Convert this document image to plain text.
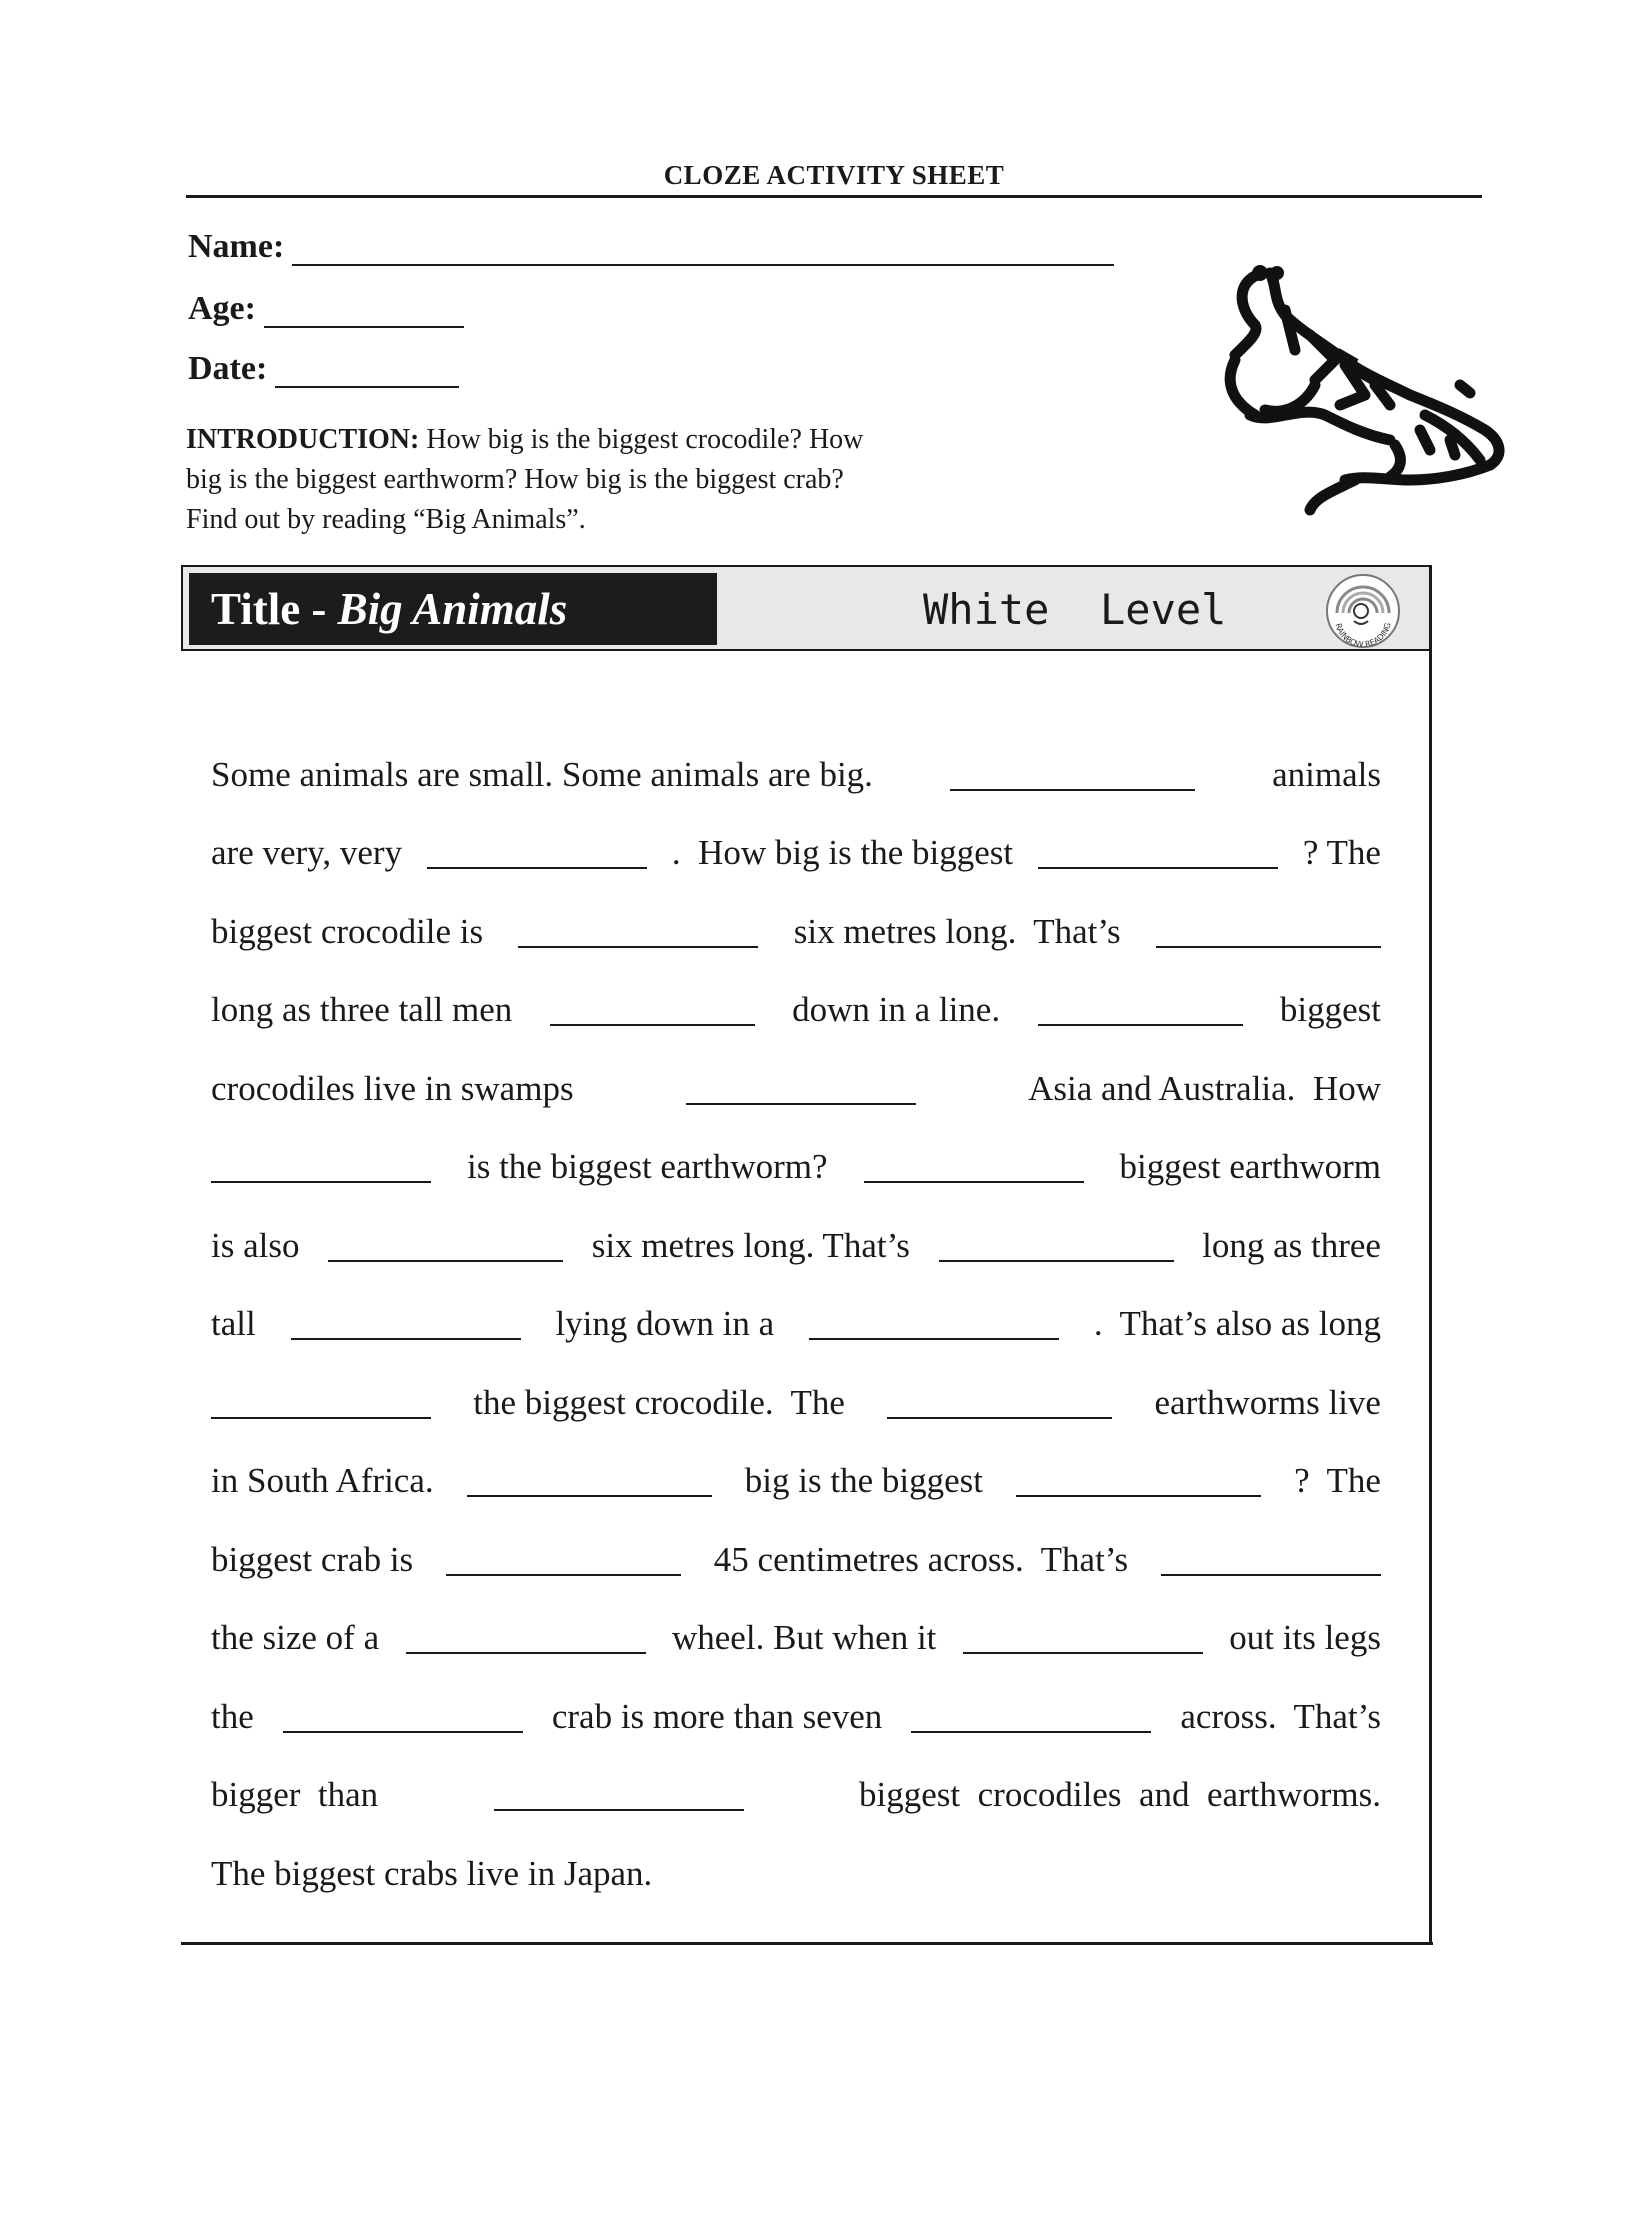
CLOZE ACTIVITY SHEET
Name:
Age:
Date:
INTRODUCTION: How big is the biggest crocodile? How
big is the biggest earthworm? How big is the biggest crab?
Find out by reading “Big Animals”.
Title - Big Animals	White  Level	RAINBOW READING
Some animals are small. Some animals are big.	animals
are very, very	.  How big is the biggest	? The
biggest crocodile is	six metres long.  That’s
long as three tall men	down in a line.	biggest
crocodiles live in swamps	Asia and Australia.  How
is the biggest earthworm?	biggest earthworm
is also	six metres long. That’s	long as three
tall	lying down in a	.  That’s also as long
the biggest crocodile.  The	earthworms live
in South Africa.	big is the biggest	?  The
biggest crab is	45 centimetres across.  That’s
the size of a	wheel. But when it	out its legs
the	crab is more than seven	across.  That’s
bigger  than	biggest  crocodiles  and  earthworms.
The biggest crabs live in Japan.
